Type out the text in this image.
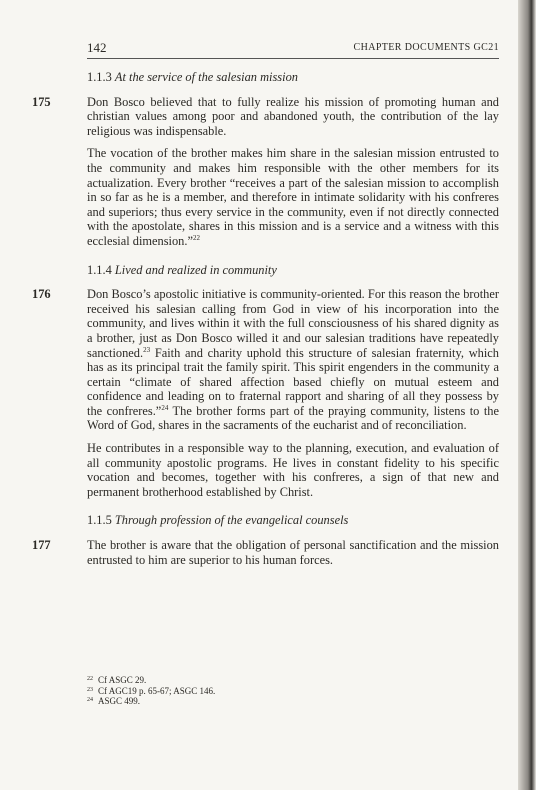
142	CHAPTER DOCUMENTS GC21
1.1.3 At the service of the salesian mission
175	Don Bosco believed that to fully realize his mission of promoting human and christian values among poor and abandoned youth, the contribution of the lay religious was indispensable.

The vocation of the brother makes him share in the salesian mission entrusted to the community and makes him responsible with the other members for its actualization. Every brother “receives a part of the salesian mission to accomplish in so far as he is a member, and therefore in intimate solidarity with his confreres and superiors; thus every service in the community, even if not directly connected with the apostolate, shares in this mission and is a service and a witness with this ecclesial dimension.”$^{22}$

1.1.4 Lived and realized in community
176	Don Bosco’s apostolic initiative is community-oriented. For this reason the brother received his salesian calling from God in view of his incorporation into the community, and lives within it with the full consciousness of his shared dignity as a brother, just as Don Bosco willed it and our salesian traditions have repeatedly sanctioned.$^{23}$ Faith and charity uphold this structure of salesian fraternity, which has as its principal trait the family spirit. This spirit engenders in the community a certain “climate of shared affection based chiefly on mutual esteem and confidence and leading on to fraternal rapport and sharing of all they possess by the confreres.”$^{24}$ The brother forms part of the praying community, listens to the Word of God, shares in the sacraments of the eucharist and of reconciliation.

He contributes in a responsible way to the planning, execution, and evaluation of all community apostolic programs. He lives in constant fidelity to his specific vocation and becomes, together with his confreres, a sign of that new and permanent brotherhood established by Christ.

1.1.5 Through profession of the evangelical counsels
177	The brother is aware that the obligation of personal sanctification and the mission entrusted to him are superior to his human forces.

$^{22}$ Cf ASGC 29.
$^{23}$ Cf AGC19 p. 65-67; ASGC 146.
$^{24}$ ASGC 499.
